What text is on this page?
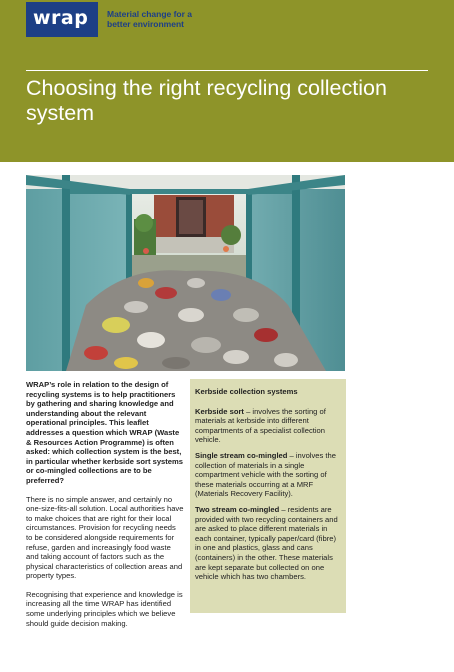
wrap Material change for a better environment
Choosing the right recycling collection system

WRAP’s role in relation to the design of recycling systems is to help practitioners by gathering and sharing knowledge and understanding about the relevant operational principles. This leaflet addresses a question which WRAP (Waste & Resources Action Programme) is often asked: which collection system is the best, in particular whether kerbside sort systems or co-mingled collections are to be preferred?

There is no simple answer, and certainly no one-size-fits-all solution. Local authorities have to make choices that are right for their local circumstances. Provision for recycling needs to be considered alongside requirements for refuse, garden and increasingly food waste and taking account of factors such as the physical characteristics of collection areas and property types.

Recognising that experience and knowledge is increasing all the time WRAP has identified some underlying principles which we believe should guide decision making.

Kerbside collection systems

Kerbside sort – involves the sorting of materials at kerbside into different compartments of a specialist collection vehicle.

Single stream co-mingled – involves the collection of materials in a single compartment vehicle with the sorting of these materials occurring at a MRF (Materials Recovery Facility).

Two stream co-mingled – residents are provided with two recycling containers and are asked to place different materials in each container, typically paper/card (fibre) in one and plastics, glass and cans (containers) in the other. These materials are kept separate but collected on one vehicle which has two chambers.
